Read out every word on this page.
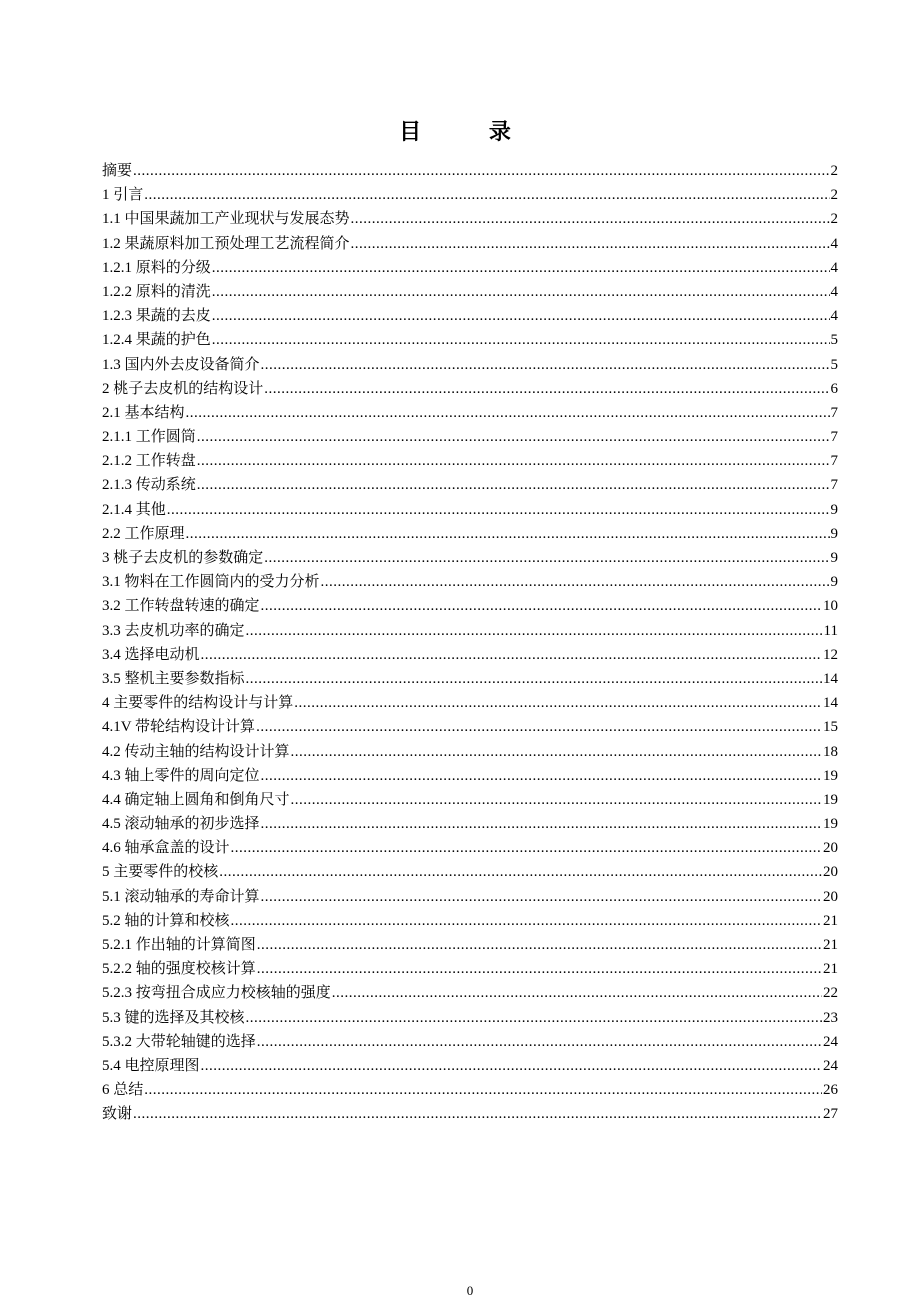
目 录
摘要 .....	2
1 引言 .....	2
1.1 中国果蔬加工产业现状与发展态势 .....	2
1.2 果蔬原料加工预处理工艺流程简介 .....	4
1.2.1 原料的分级 .....	4
1.2.2 原料的清洗 .....	4
1.2.3 果蔬的去皮 .....	4
1.2.4 果蔬的护色 .....	5
1.3 国内外去皮设备简介 .....	5
2 桃子去皮机的结构设计 .....	6
2.1 基本结构 .....	7
2.1.1 工作圆筒 .....	7
2.1.2 工作转盘 .....	7
2.1.3 传动系统 .....	7
2.1.4 其他 .....	9
2.2 工作原理 .....	9
3 桃子去皮机的参数确定 .....	9
3.1 物料在工作圆筒内的受力分析 .....	9
3.2 工作转盘转速的确定 .....	10
3.3 去皮机功率的确定 .....	11
3.4 选择电动机 .....	12
3.5 整机主要参数指标 .....	14
4 主要零件的结构设计与计算 .....	14
4.1V 带轮结构设计计算 .....	15
4.2 传动主轴的结构设计计算 .....	18
4.3 轴上零件的周向定位 .....	19
4.4 确定轴上圆角和倒角尺寸 .....	19
4.5 滚动轴承的初步选择 .....	19
4.6 轴承盒盖的设计 .....	20
5 主要零件的校核 .....	20
5.1 滚动轴承的寿命计算 .....	20
5.2 轴的计算和校核 .....	21
5.2.1 作出轴的计算简图 .....	21
5.2.2 轴的强度校核计算 .....	21
5.2.3 按弯扭合成应力校核轴的强度 .....	22
5.3 键的选择及其校核 .....	23
5.3.2 大带轮轴键的选择 .....	24
5.4 电控原理图 .....	24
6 总结 .....	26
致谢 .....	27
0
